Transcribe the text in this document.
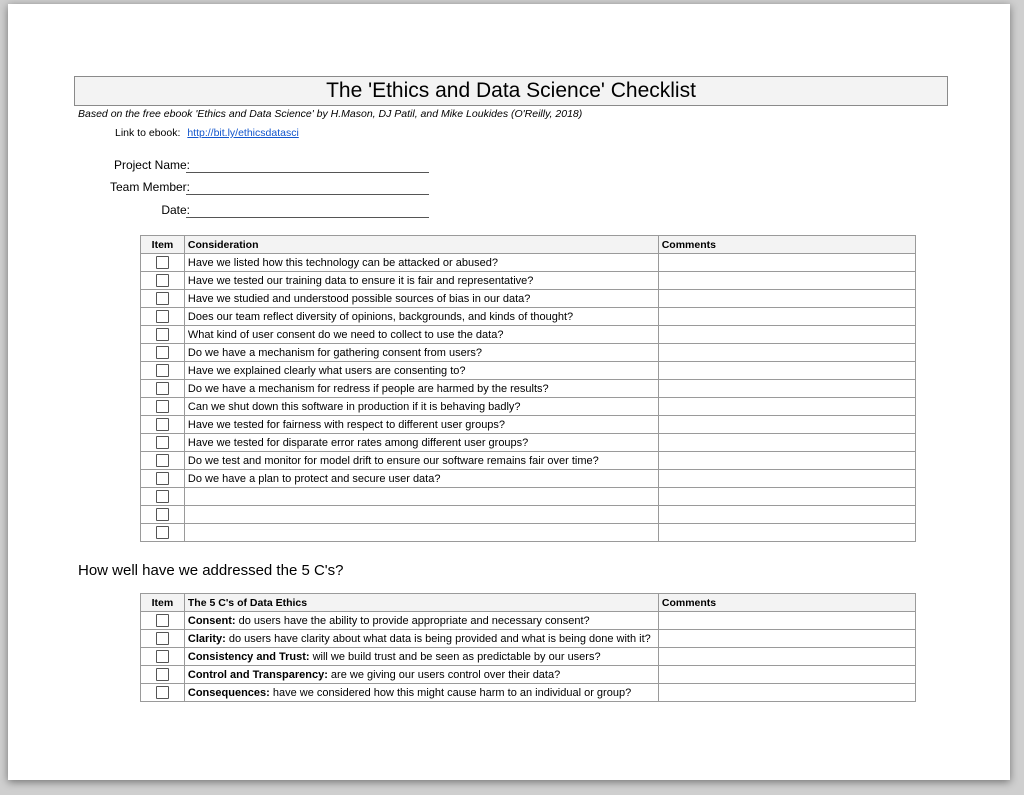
The 'Ethics and Data Science' Checklist
Based on the free ebook 'Ethics and Data Science' by H.Mason, DJ Patil, and Mike Loukides (O'Reilly, 2018)
Link to ebook: http://bit.ly/ethicsdatasci
Project Name:
Team Member:
Date:
Item	Consideration	Comments
	Have we listed how this technology can be attacked or abused?	
	Have we tested our training data to ensure it is fair and representative?	
	Have we studied and understood possible sources of bias in our data?	
	Does our team reflect diversity of opinions, backgrounds, and kinds of thought?	
	What kind of user consent do we need to collect to use the data?	
	Do we have a mechanism for gathering consent from users?	
	Have we explained clearly what users are consenting to?	
	Do we have a mechanism for redress if people are harmed by the results?	
	Can we shut down this software in production if it is behaving badly?	
	Have we tested for fairness with respect to different user groups?	
	Have we tested for disparate error rates among different user groups?	
	Do we test and monitor for model drift to ensure our software remains fair over time?	
	Do we have a plan to protect and secure user data?	

How well have we addressed the 5 C's?
Item	The 5 C's of Data Ethics	Comments
	Consent: do users have the ability to provide appropriate and necessary consent?	
	Clarity: do users have clarity about what data is being provided and what is being done with it?	
	Consistency and Trust: will we build trust and be seen as predictable by our users?	
	Control and Transparency: are we giving our users control over their data?	
	Consequences: have we considered how this might cause harm to an individual or group?	
